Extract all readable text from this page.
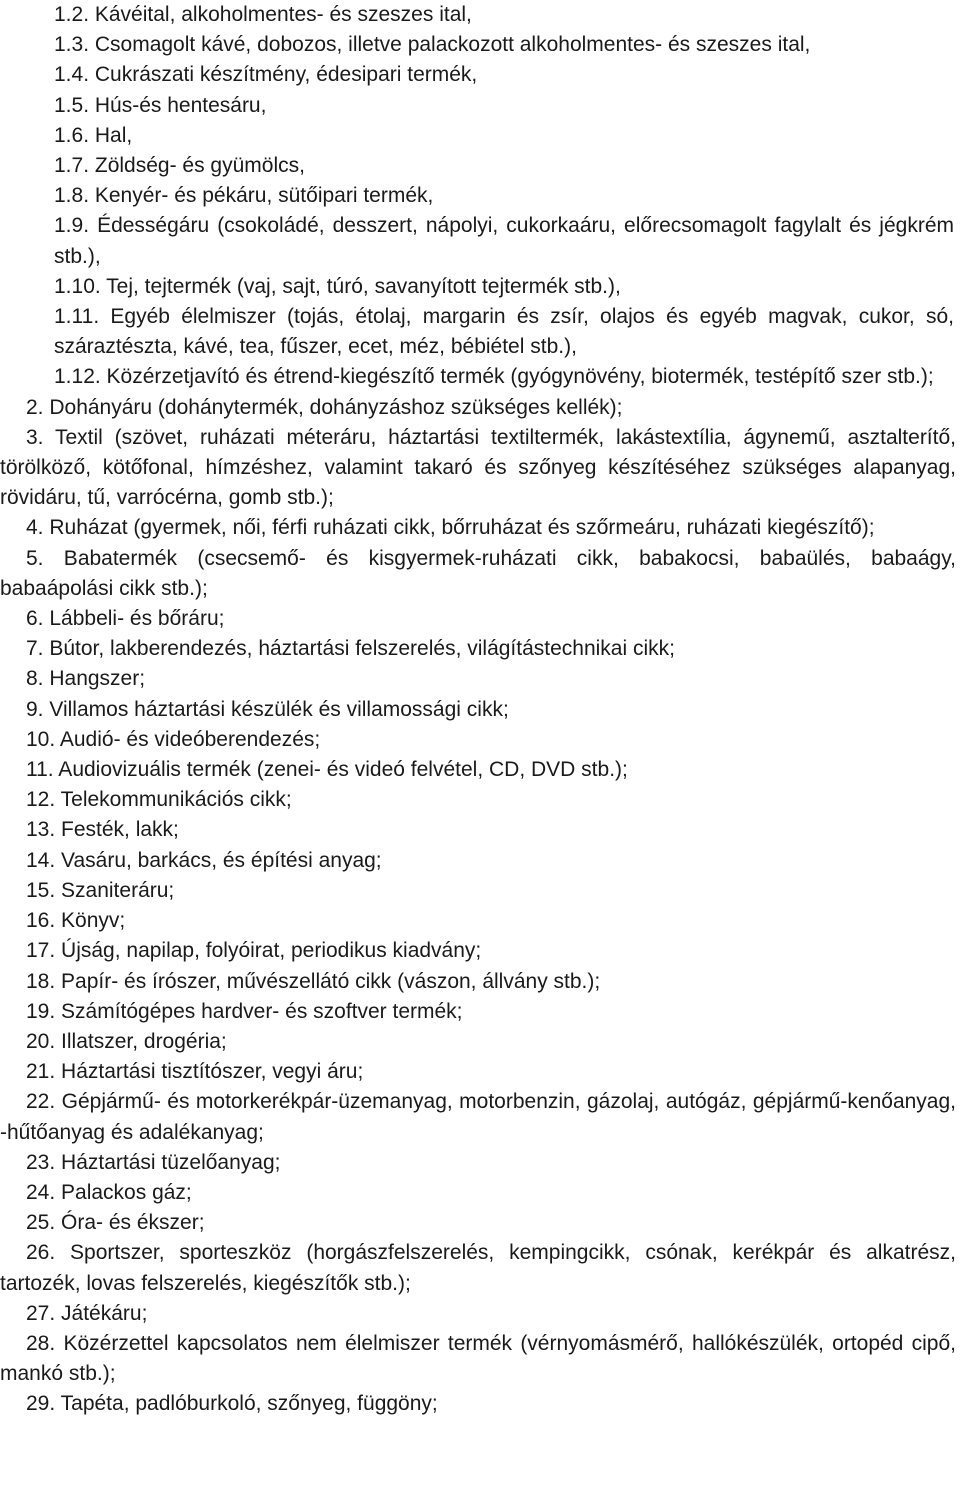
1.2. Kávéital, alkoholmentes- és szeszes ital,

1.3. Csomagolt kávé, dobozos, illetve palackozott alkoholmentes- és szeszes ital,

1.4. Cukrászati készítmény, édesipari termék,

1.5. Hús-és hentesáru,

1.6. Hal,

1.7. Zöldség- és gyümölcs,

1.8. Kenyér- és pékáru, sütőipari termék,

1.9. Édességáru (csokoládé, desszert, nápolyi, cukorkaáru, előrecsomagolt fagylalt és jégkrém stb.),

1.10. Tej, tejtermék (vaj, sajt, túró, savanyított tejtermék stb.),

1.11. Egyéb élelmiszer (tojás, étolaj, margarin és zsír, olajos és egyéb magvak, cukor, só, száraztészta, kávé, tea, fűszer, ecet, méz, bébiétel stb.),

1.12. Közérzetjavító és étrend-kiegészítő termék (gyógynövény, biotermék, testépítő szer stb.);

2. Dohányáru (dohánytermék, dohányzáshoz szükséges kellék);

3. Textil (szövet, ruházati méteráru, háztartási textiltermék, lakástextília, ágynemű, asztalterítő, törölköző, kötőfonal, hímzéshez, valamint takaró és szőnyeg készítéséhez szükséges alapanyag, rövidáru, tű, varrócérna, gomb stb.);

4. Ruházat (gyermek, női, férfi ruházati cikk, bőrruházat és szőrmeáru, ruházati kiegészítő);

5. Babatermék (csecsemő- és kisgyermek-ruházati cikk, babakocsi, babaülés, babaágy, babaápolási cikk stb.);

6. Lábbeli- és bőráru;

7. Bútor, lakberendezés, háztartási felszerelés, világítástechnikai cikk;

8. Hangszer;

9. Villamos háztartási készülék és villamossági cikk;

10. Audió- és videóberendezés;

11. Audiovizuális termék (zenei- és videó felvétel, CD, DVD stb.);

12. Telekommunikációs cikk;

13. Festék, lakk;

14. Vasáru, barkács, és építési anyag;

15. Szaniteráru;

16. Könyv;

17. Újság, napilap, folyóirat, periodikus kiadvány;

18. Papír- és írószer, művészellátó cikk (vászon, állvány stb.);

19. Számítógépes hardver- és szoftver termék;

20. Illatszer, drogéria;

21. Háztartási tisztítószer, vegyi áru;

22. Gépjármű- és motorkerékpár-üzemanyag, motorbenzin, gázolaj, autógáz, gépjármű-kenőanyag, -hűtőanyag és adalékanyag;

23. Háztartási tüzelőanyag;

24. Palackos gáz;

25. Óra- és ékszer;

26. Sportszer, sporteszköz (horgászfelszerelés, kempingcikk, csónak, kerékpár és alkatrész, tartozék, lovas felszerelés, kiegészítők stb.);

27. Játékáru;

28. Közérzettel kapcsolatos nem élelmiszer termék (vérnyomásmérő, hallókészülék, ortopéd cipő, mankó stb.);

29. Tapéta, padlóburkoló, szőnyeg, függöny;
